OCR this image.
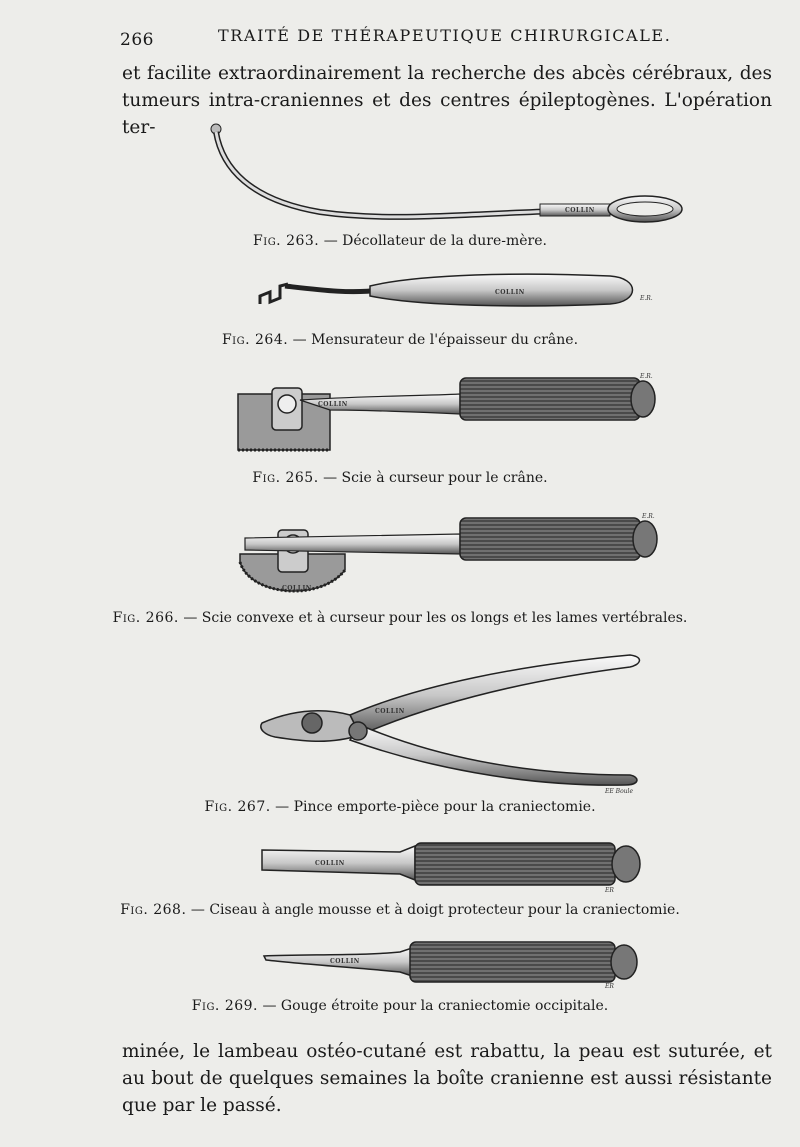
266	TRAITÉ DE THÉRAPEUTIQUE CHIRURGICALE.

et facilite extraordinairement la recherche des abcès cérébraux, des tumeurs intra-craniennes et des centres épileptogènes. L'opération ter-

COLLIN
Fig. 263. — Décollateur de la dure-mère.
COLLIN
E.R.
Fig. 264. — Mensurateur de l'épaisseur du crâne.
COLLIN
E.R.
Fig. 265. — Scie à curseur pour le crâne.
COLLIN
E.R.
Fig. 266. — Scie convexe et à curseur pour les os longs et les lames vertébrales.
COLLIN
EE Boule
Fig. 267. — Pince emporte-pièce pour la craniectomie.
COLLIN
ER
Fig. 268. — Ciseau à angle mousse et à doigt protecteur pour la craniectomie.
COLLIN
ER
Fig. 269. — Gouge étroite pour la craniectomie occipitale.

minée, le lambeau ostéo-cutané est rabattu, la peau est suturée, et au bout de quelques semaines la boîte cranienne est aussi résistante que par le passé.
